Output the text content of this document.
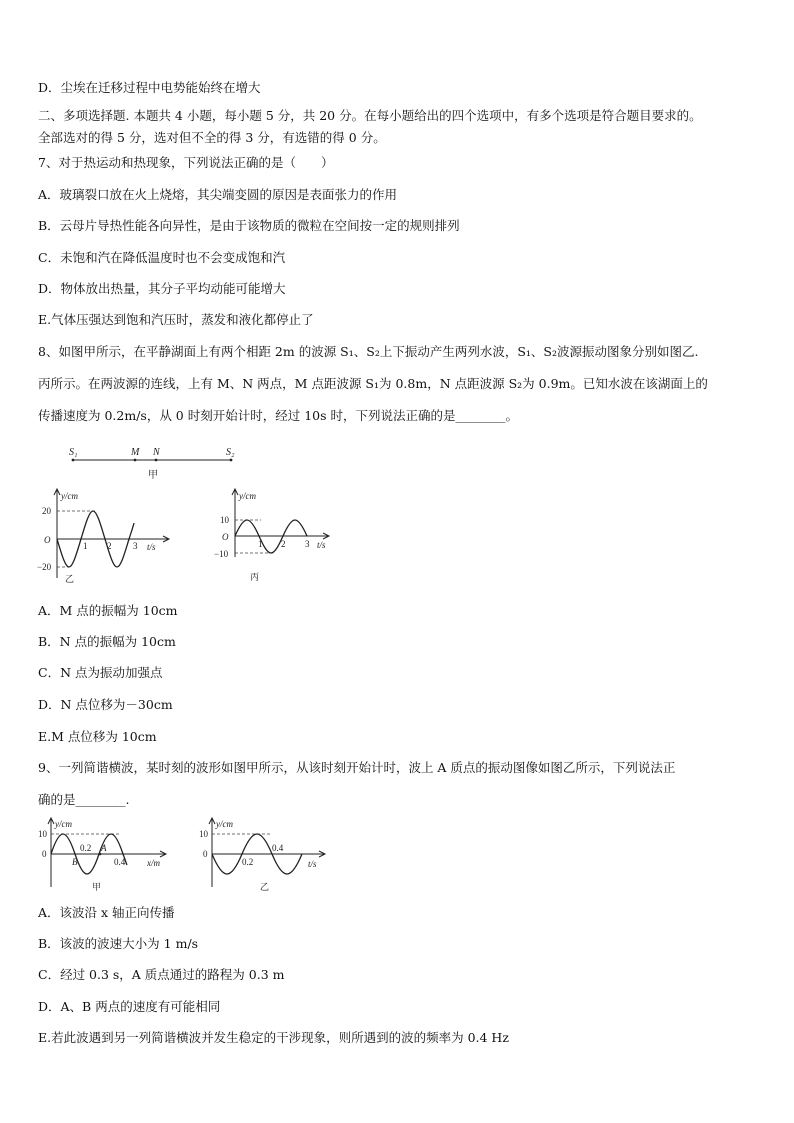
D．尘埃在迁移过程中电势能始终在增大
二、多项选择题. 本题共 4 小题，每小题 5 分，共 20 分。在每小题给出的四个选项中，有多个选项是符合题目要求的。
全部选对的得 5 分，选对但不全的得 3 分，有选错的得 0 分。
7、对于热运动和热现象，下列说法正确的是（　　）
A．玻璃裂口放在火上烧熔，其尖端变圆的原因是表面张力的作用
B．云母片导热性能各向异性，是由于该物质的微粒在空间按一定的规则排列
C．未饱和汽在降低温度时也不会变成饱和汽
D．物体放出热量，其分子平均动能可能增大
E.气体压强达到饱和汽压时，蒸发和液化都停止了
8、如图甲所示，在平静湖面上有两个相距 2m 的波源 S₁、S₂上下振动产生两列水波，S₁、S₂波源振动图象分别如图乙.
丙所示。在两波源的连线，上有 M、N 两点，M 点距波源 S₁为 0.8m，N 点距波源 S₂为 0.9m。已知水波在该湖面上的
传播速度为 0.2m/s，从 0 时刻开始计时，经过 10s 时，下列说法正确的是________。
S₁	M N	S₂
甲
y/cm
20
−20
O
1 2 3 t/s
乙
y/cm
10
−10
O
1 2 3 t/s
丙
A．M 点的振幅为 10cm
B．N 点的振幅为 10cm
C．N 点为振动加强点
D．N 点位移为－30cm
E.M 点位移为 10cm
9、一列简谐横波，某时刻的波形如图甲所示，从该时刻开始计时，波上 A 质点的振动图像如图乙所示，下列说法正
确的是________.
y/cm
10
0
0.2 A
B	0.4 x/m
甲
y/cm
10
0
0.2
0.4
t/s
乙
A．该波沿 x 轴正向传播
B．该波的波速大小为 1 m/s
C．经过 0.3 s，A 质点通过的路程为 0.3 m
D．A、B 两点的速度有可能相同
E.若此波遇到另一列简谐横波并发生稳定的干涉现象，则所遇到的波的频率为 0.4 Hz
